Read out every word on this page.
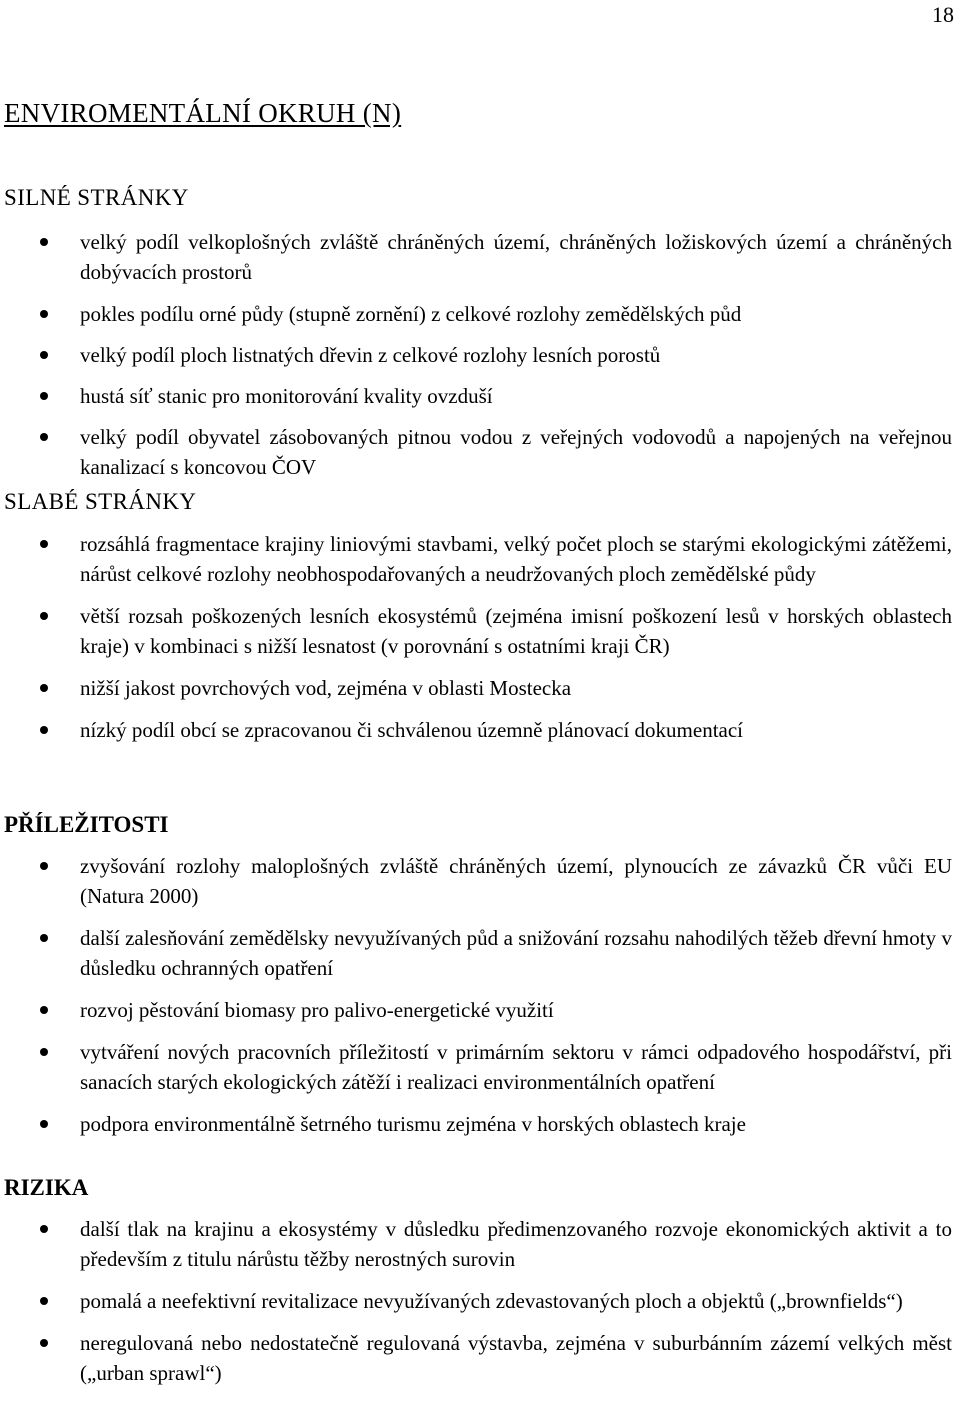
18
ENVIROMENTÁLNÍ OKRUH (N)
SILNÉ STRÁNKY
velký podíl velkoplošných zvláště chráněných území, chráněných ložiskových území a chráněných dobývacích prostorů
pokles podílu orné půdy (stupně zornění) z celkové rozlohy zemědělských půd
velký podíl ploch listnatých dřevin z celkové rozlohy lesních porostů
hustá síť stanic pro monitorování kvality ovzduší
velký podíl obyvatel zásobovaných pitnou vodou z veřejných vodovodů a napojených na veřejnou kanalizací s koncovou ČOV
SLABÉ STRÁNKY
rozsáhlá fragmentace krajiny liniovými stavbami, velký počet ploch se starými ekologickými zátěžemi, nárůst celkové rozlohy neobhospodařovaných a neudržovaných ploch zemědělské půdy
větší rozsah poškozených lesních ekosystémů (zejména imisní poškození lesů v horských oblastech kraje) v kombinaci s nižší lesnatost (v porovnání s ostatními kraji ČR)
nižší jakost povrchových vod, zejména v oblasti Mostecka
nízký podíl obcí se zpracovanou či schválenou územně plánovací dokumentací
PŘÍLEŽITOSTI
zvyšování rozlohy maloplošných zvláště chráněných území, plynoucích ze závazků ČR vůči EU (Natura 2000)
další zalesňování zemědělsky nevyužívaných půd a snižování rozsahu nahodilých těžeb dřevní hmoty v důsledku ochranných opatření
rozvoj pěstování biomasy pro palivo-energetické využití
vytváření nových pracovních příležitostí v primárním sektoru v rámci odpadového hospodářství, při sanacích starých ekologických zátěží i realizaci environmentálních opatření
podpora environmentálně šetrného turismu zejména v horských oblastech kraje
RIZIKA
další tlak na krajinu a ekosystémy v důsledku předimenzovaného rozvoje ekonomických aktivit a to především z titulu nárůstu těžby nerostných surovin
pomalá a neefektivní revitalizace nevyužívaných zdevastovaných ploch a objektů („brownfields“)
neregulovaná nebo nedostatečně regulovaná výstavba, zejména v suburbánním zázemí velkých měst („urban sprawl“)
